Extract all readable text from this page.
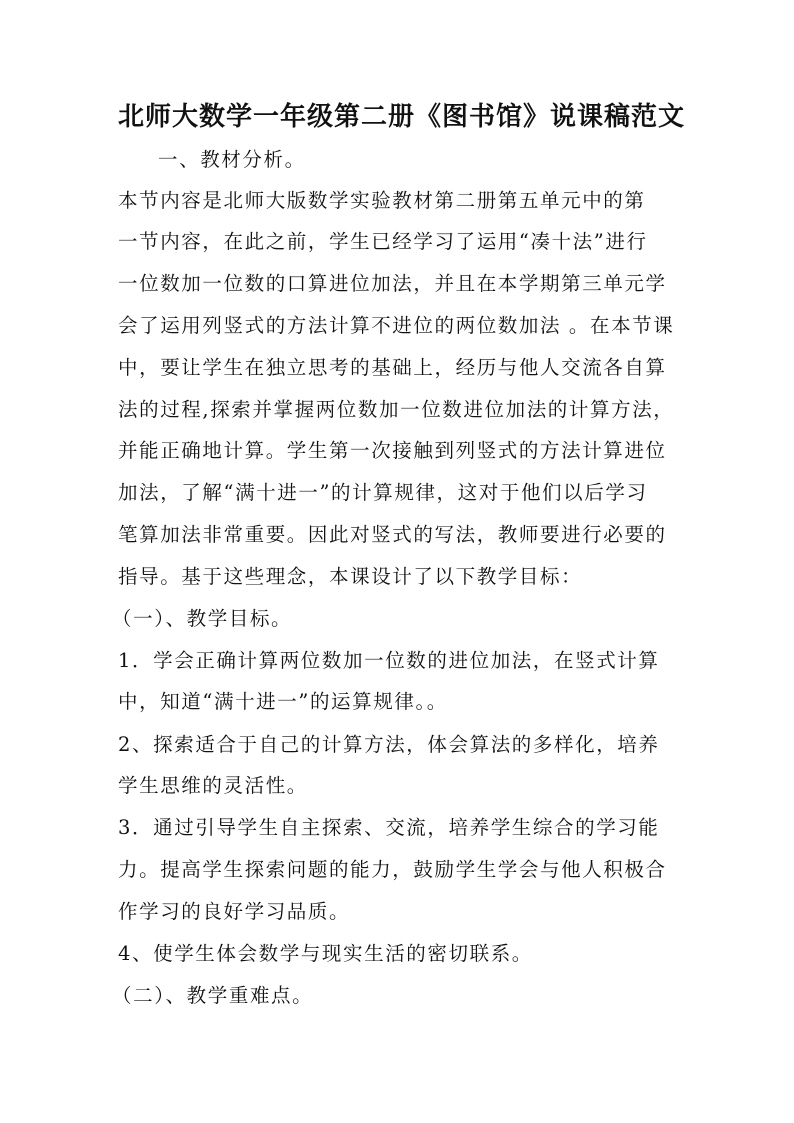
北师大数学一年级第二册《图书馆》说课稿范文
一、教材分析。
本节内容是北师大版数学实验教材第二册第五单元中的第
一节内容，在此之前，学生已经学习了运用“凑十法”进行
一位数加一位数的口算进位加法，并且在本学期第三单元学
会了运用列竖式的方法计算不进位的两位数加法 。在本节课
中，要让学生在独立思考的基础上，经历与他人交流各自算
法的过程,探索并掌握两位数加一位数进位加法的计算方法，
并能正确地计算。学生第一次接触到列竖式的方法计算进位
加法，了解“满十进一”的计算规律，这对于他们以后学习
笔算加法非常重要。因此对竖式的写法，教师要进行必要的
指导。基于这些理念，本课设计了以下教学目标：
（一）、教学目标。
1．学会正确计算两位数加一位数的进位加法，在竖式计算
中，知道“满十进一”的运算规律。。
2、探索适合于自己的计算方法，体会算法的多样化，培养
学生思维的灵活性。
3．通过引导学生自主探索、交流，培养学生综合的学习能
力。提高学生探索问题的能力，鼓励学生学会与他人积极合
作学习的良好学习品质。
4、使学生体会数学与现实生活的密切联系。
（二）、教学重难点。
